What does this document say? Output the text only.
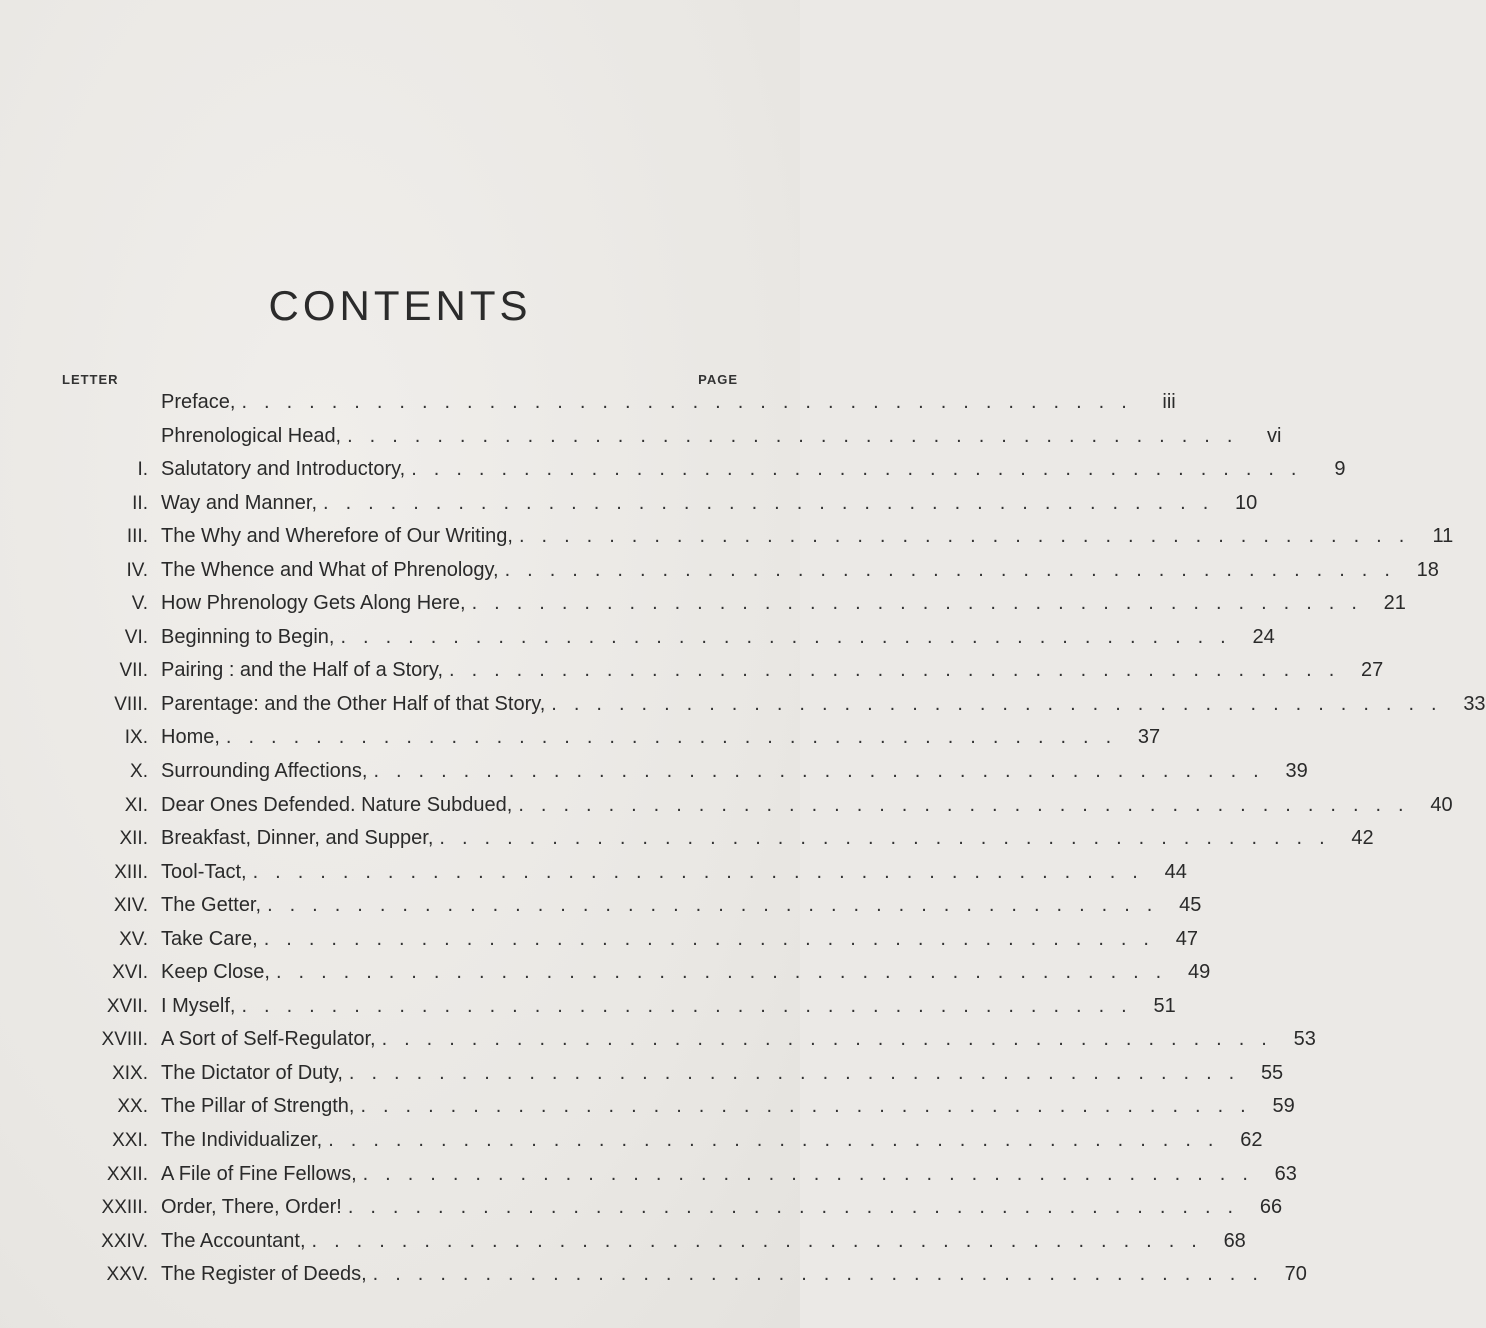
CONTENTS
LETTER	PAGE
Preface, ........................................ iii
Phrenological Head, ........................................ vi
I. Salutatory and Introductory, ........................................	9
II. Way and Manner, ........................................ 10
III. The Why and Wherefore of Our Writing, ........................................ 11
IV. The Whence and What of Phrenology, ........................................ 18
V. How Phrenology Gets Along Here, ........................................ 21
VI. Beginning to Begin, ........................................ 24
VII. Pairing : and the Half of a Story, ........................................ 27
VIII. Parentage: and the Other Half of that Story, ........................................ 33
IX. Home, ........................................ 37
X. Surrounding Affections, ........................................ 39
XI. Dear Ones Defended. Nature Subdued, ........................................ 40
XII. Breakfast, Dinner, and Supper, ........................................ 42
XIII. Tool-Tact, ........................................ 44
XIV. The Getter, ........................................ 45
XV. Take Care, ........................................ 47
XVI. Keep Close, ........................................ 49
XVII. I Myself, ........................................ 51
XVIII. A Sort of Self-Regulator, ........................................ 53
XIX. The Dictator of Duty, ........................................ 55
XX. The Pillar of Strength, ........................................ 59
XXI. The Individualizer, ........................................ 62
XXII. A File of Fine Fellows, ........................................ 63
XXIII. Order, There, Order! ........................................ 66
XXIV. The Accountant, ........................................ 68
XXV. The Register of Deeds, ........................................ 70
